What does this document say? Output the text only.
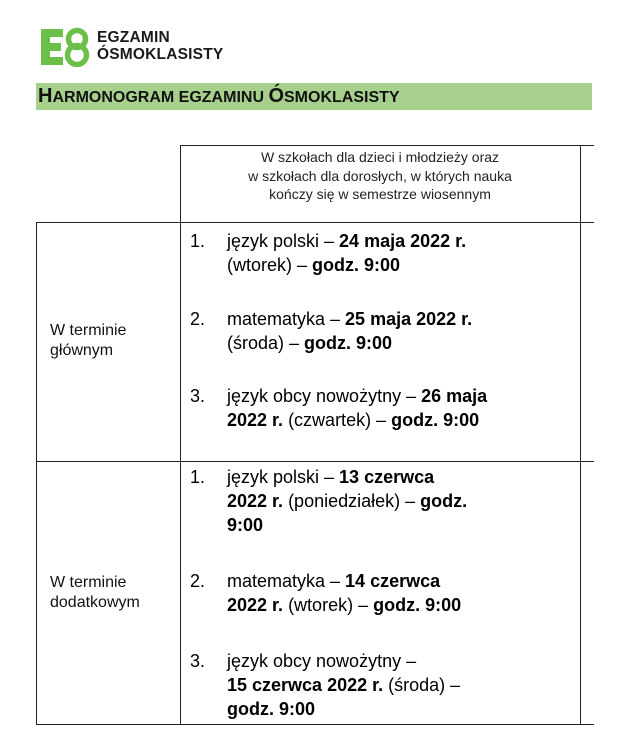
EGZAMIN
ÓSMOKLASISTY
HARMONOGRAM EGZAMINU ÓSMOKLASISTY
W szkołach dla dzieci i młodzieży oraz
w szkołach dla dorosłych, w których nauka
kończy się w semestrze wiosennym
W terminie
głównym
1. język polski – 24 maja 2022 r.
(wtorek) – godz. 9:00
2. matematyka – 25 maja 2022 r.
(środa) – godz. 9:00
3. język obcy nowożytny – 26 maja
2022 r. (czwartek) – godz. 9:00
W terminie
dodatkowym
1. język polski – 13 czerwca
2022 r. (poniedziałek) – godz.
9:00
2. matematyka – 14 czerwca
2022 r. (wtorek) – godz. 9:00
3. język obcy nowożytny –
15 czerwca 2022 r. (środa) –
godz. 9:00
